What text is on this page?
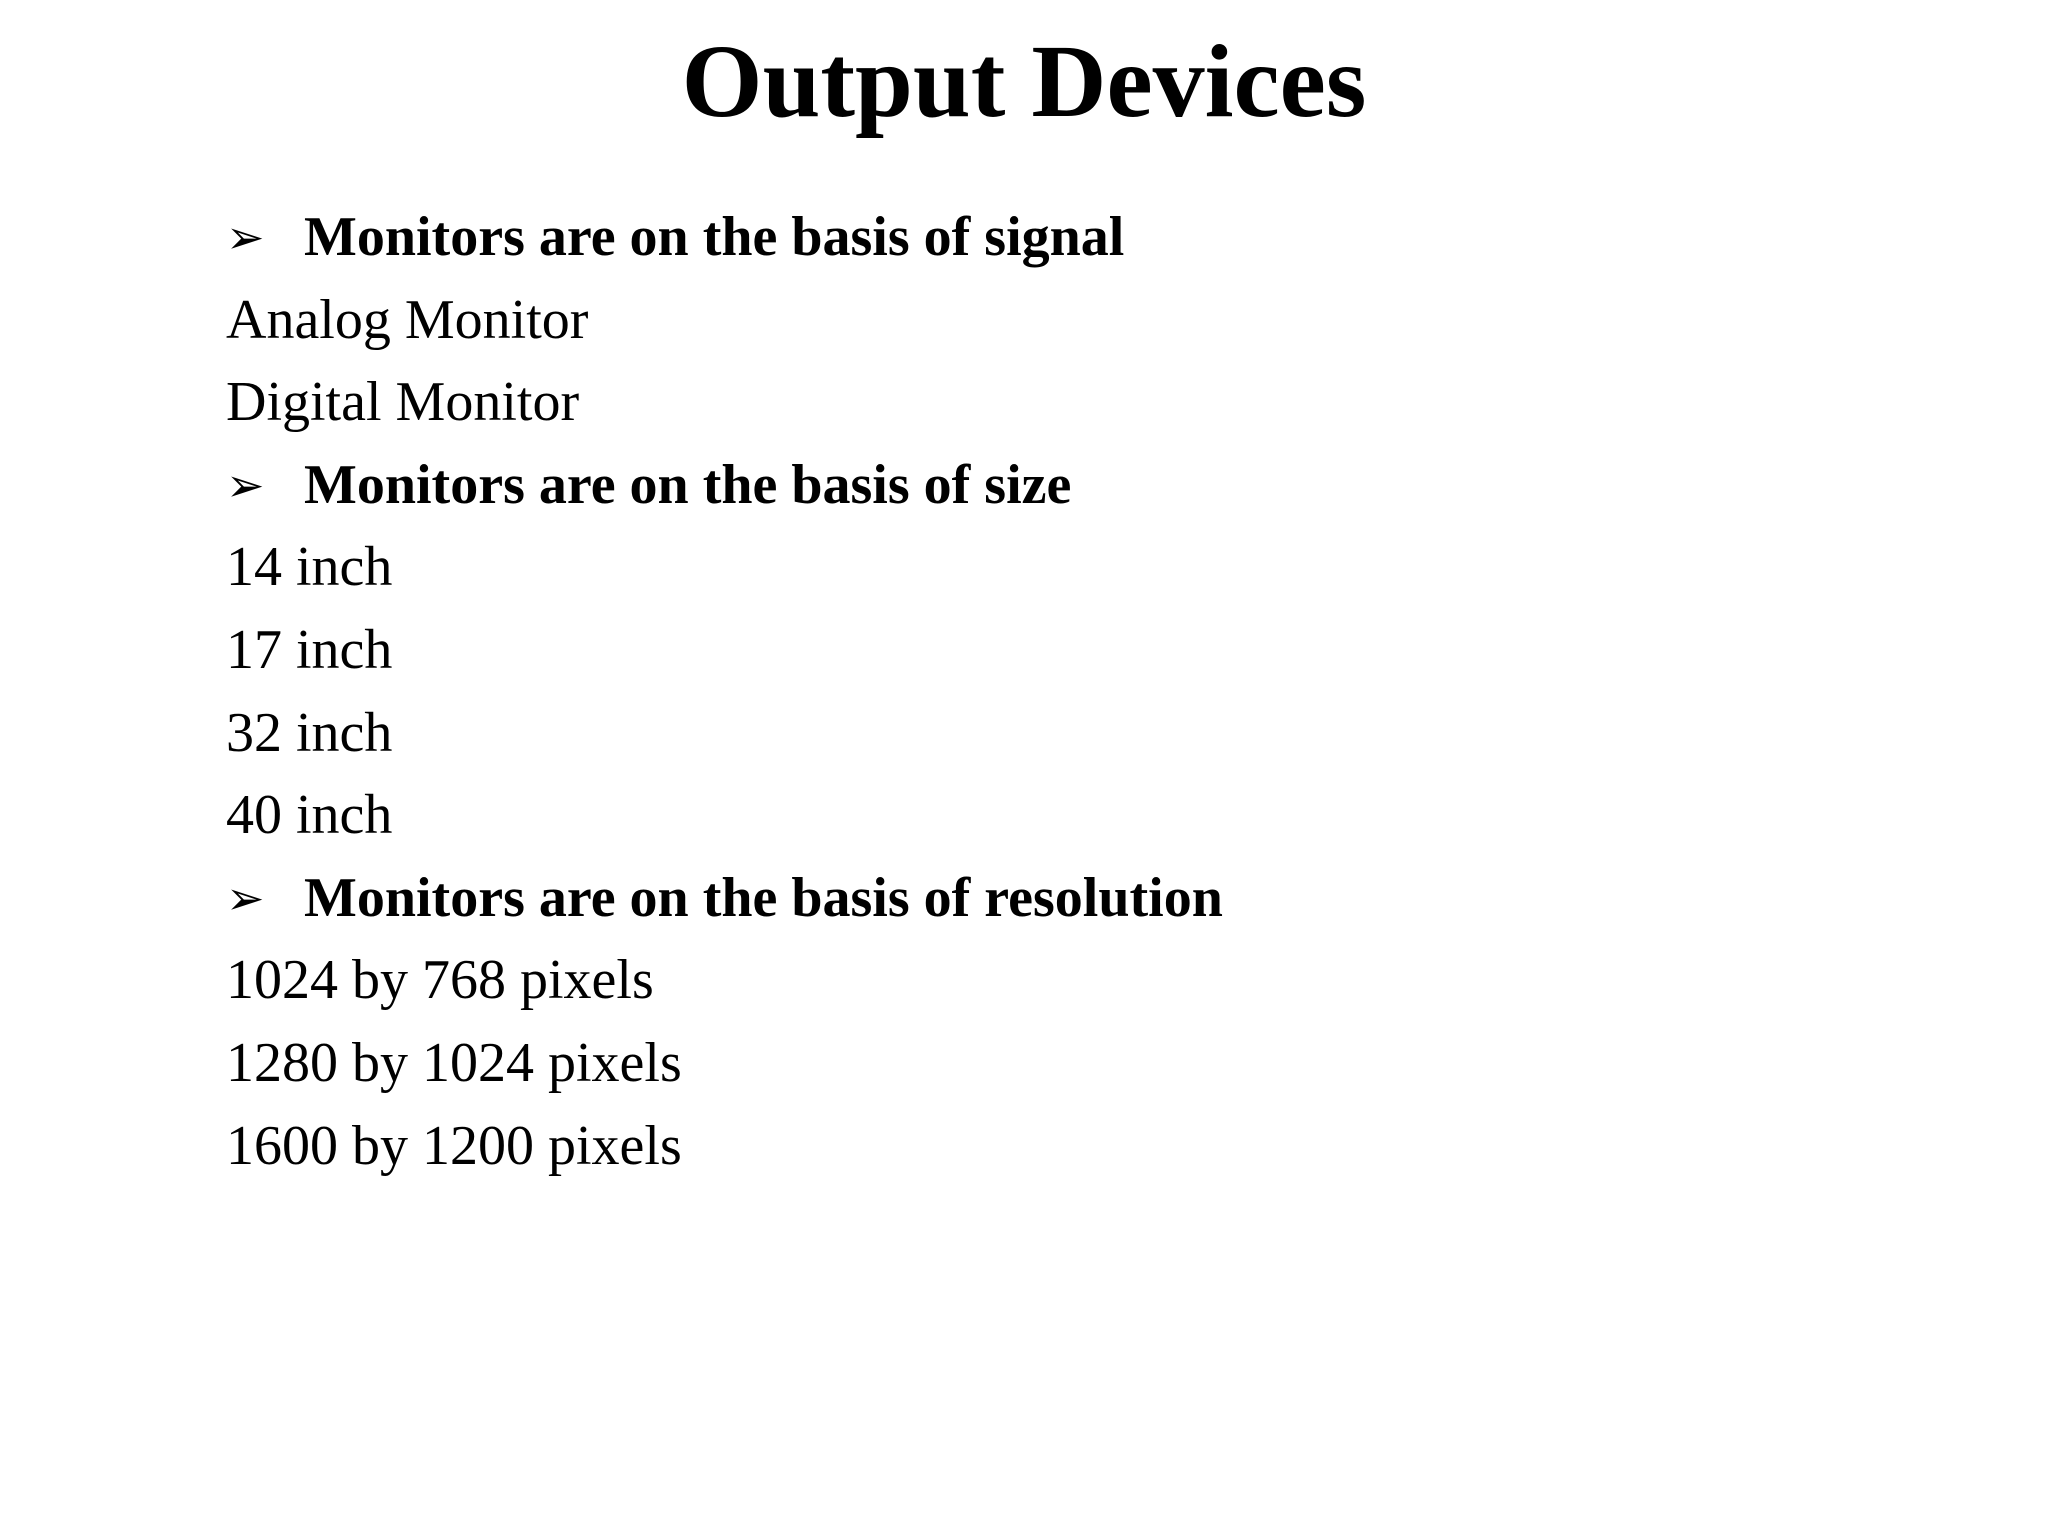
Output Devices
➢ Monitors are on the basis of signal
Analog Monitor
Digital Monitor
➢ Monitors are on the basis of size
14 inch
17 inch
32 inch
40 inch
➢ Monitors are on the basis of resolution
1024 by 768 pixels
1280 by 1024 pixels
1600 by 1200 pixels
